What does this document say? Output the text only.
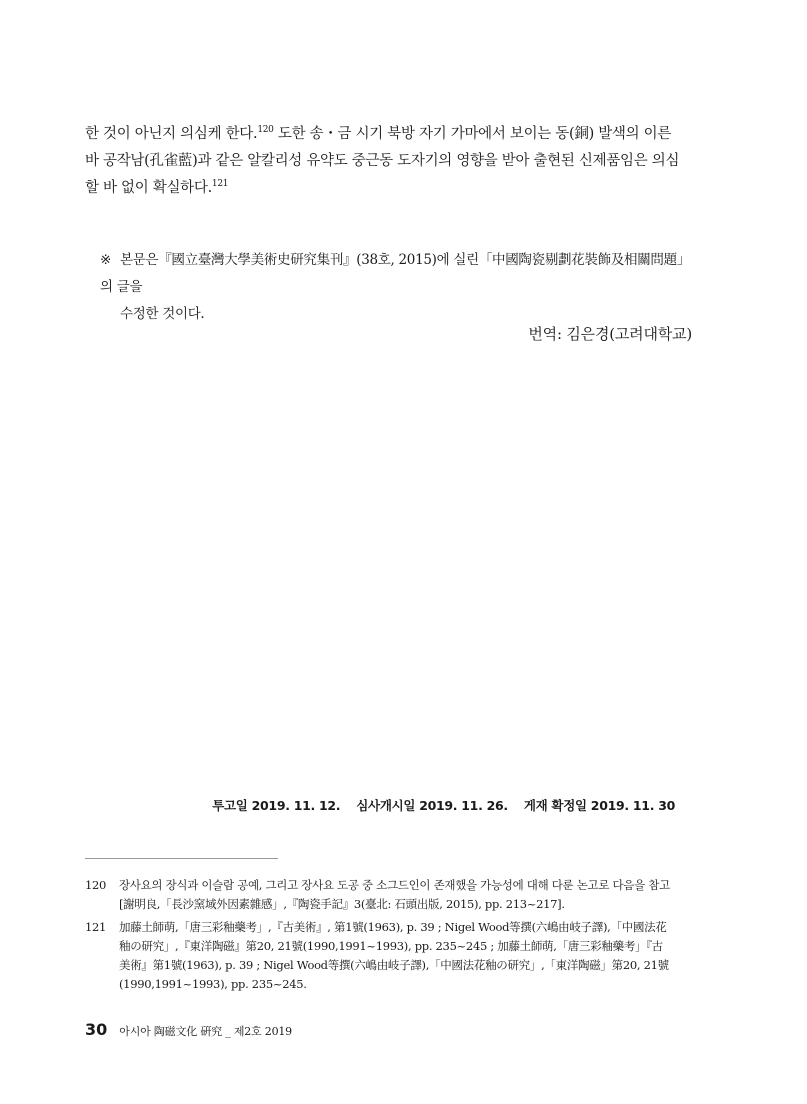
한 것이 아닌지 의심케 한다.$^{120}$ 도한 송・금 시기 북방 자기 가마에서 보이는 동(銅) 발색의 이른
바 공작남(孔雀藍)과 같은 알칼리성 유약도 중근동 도자기의 영향을 받아 출현된 신제품임은 의심
할 바 없이 확실하다.$^{121}$
※ 본문은『國立臺灣大學美術史研究集刊』(38호, 2015)에 실린「中國陶瓷剔劃花裝飾及相關問題」의 글을
수정한 것이다.
번역: 김은경(고려대학교)
투고일 2019. 11. 12. 심사개시일 2019. 11. 26. 게재 확정일 2019. 11. 30
120	장사요의 장식과 이슬람 공예, 그리고 장사요 도공 중 소그드인이 존재했을 가능성에 대해 다룬 논고로 다음을 참고
[謝明良,「長沙窯域外因素雜感」,『陶瓷手記』3(臺北: 石頭出版, 2015), pp. 213~217].
121	加藤土師萌,「唐三彩釉藥考」,『古美術』, 第1號(1963), p. 39 ; Nigel Wood等撰(六嶋由岐子譯),「中國法花
釉の研究」,『東洋陶磁』第20, 21號(1990,1991~1993), pp. 235~245 ; 加藤土師萌,「唐三彩釉藥考」『古
美術』第1號(1963), p. 39 ; Nigel Wood等撰(六嶋由岐子譯),「中國法花釉の研究」,「東洋陶磁」第20, 21號
(1990,1991~1993), pp. 235~245.
30 아시아 陶磁文化 硏究 _ 제2호 2019
